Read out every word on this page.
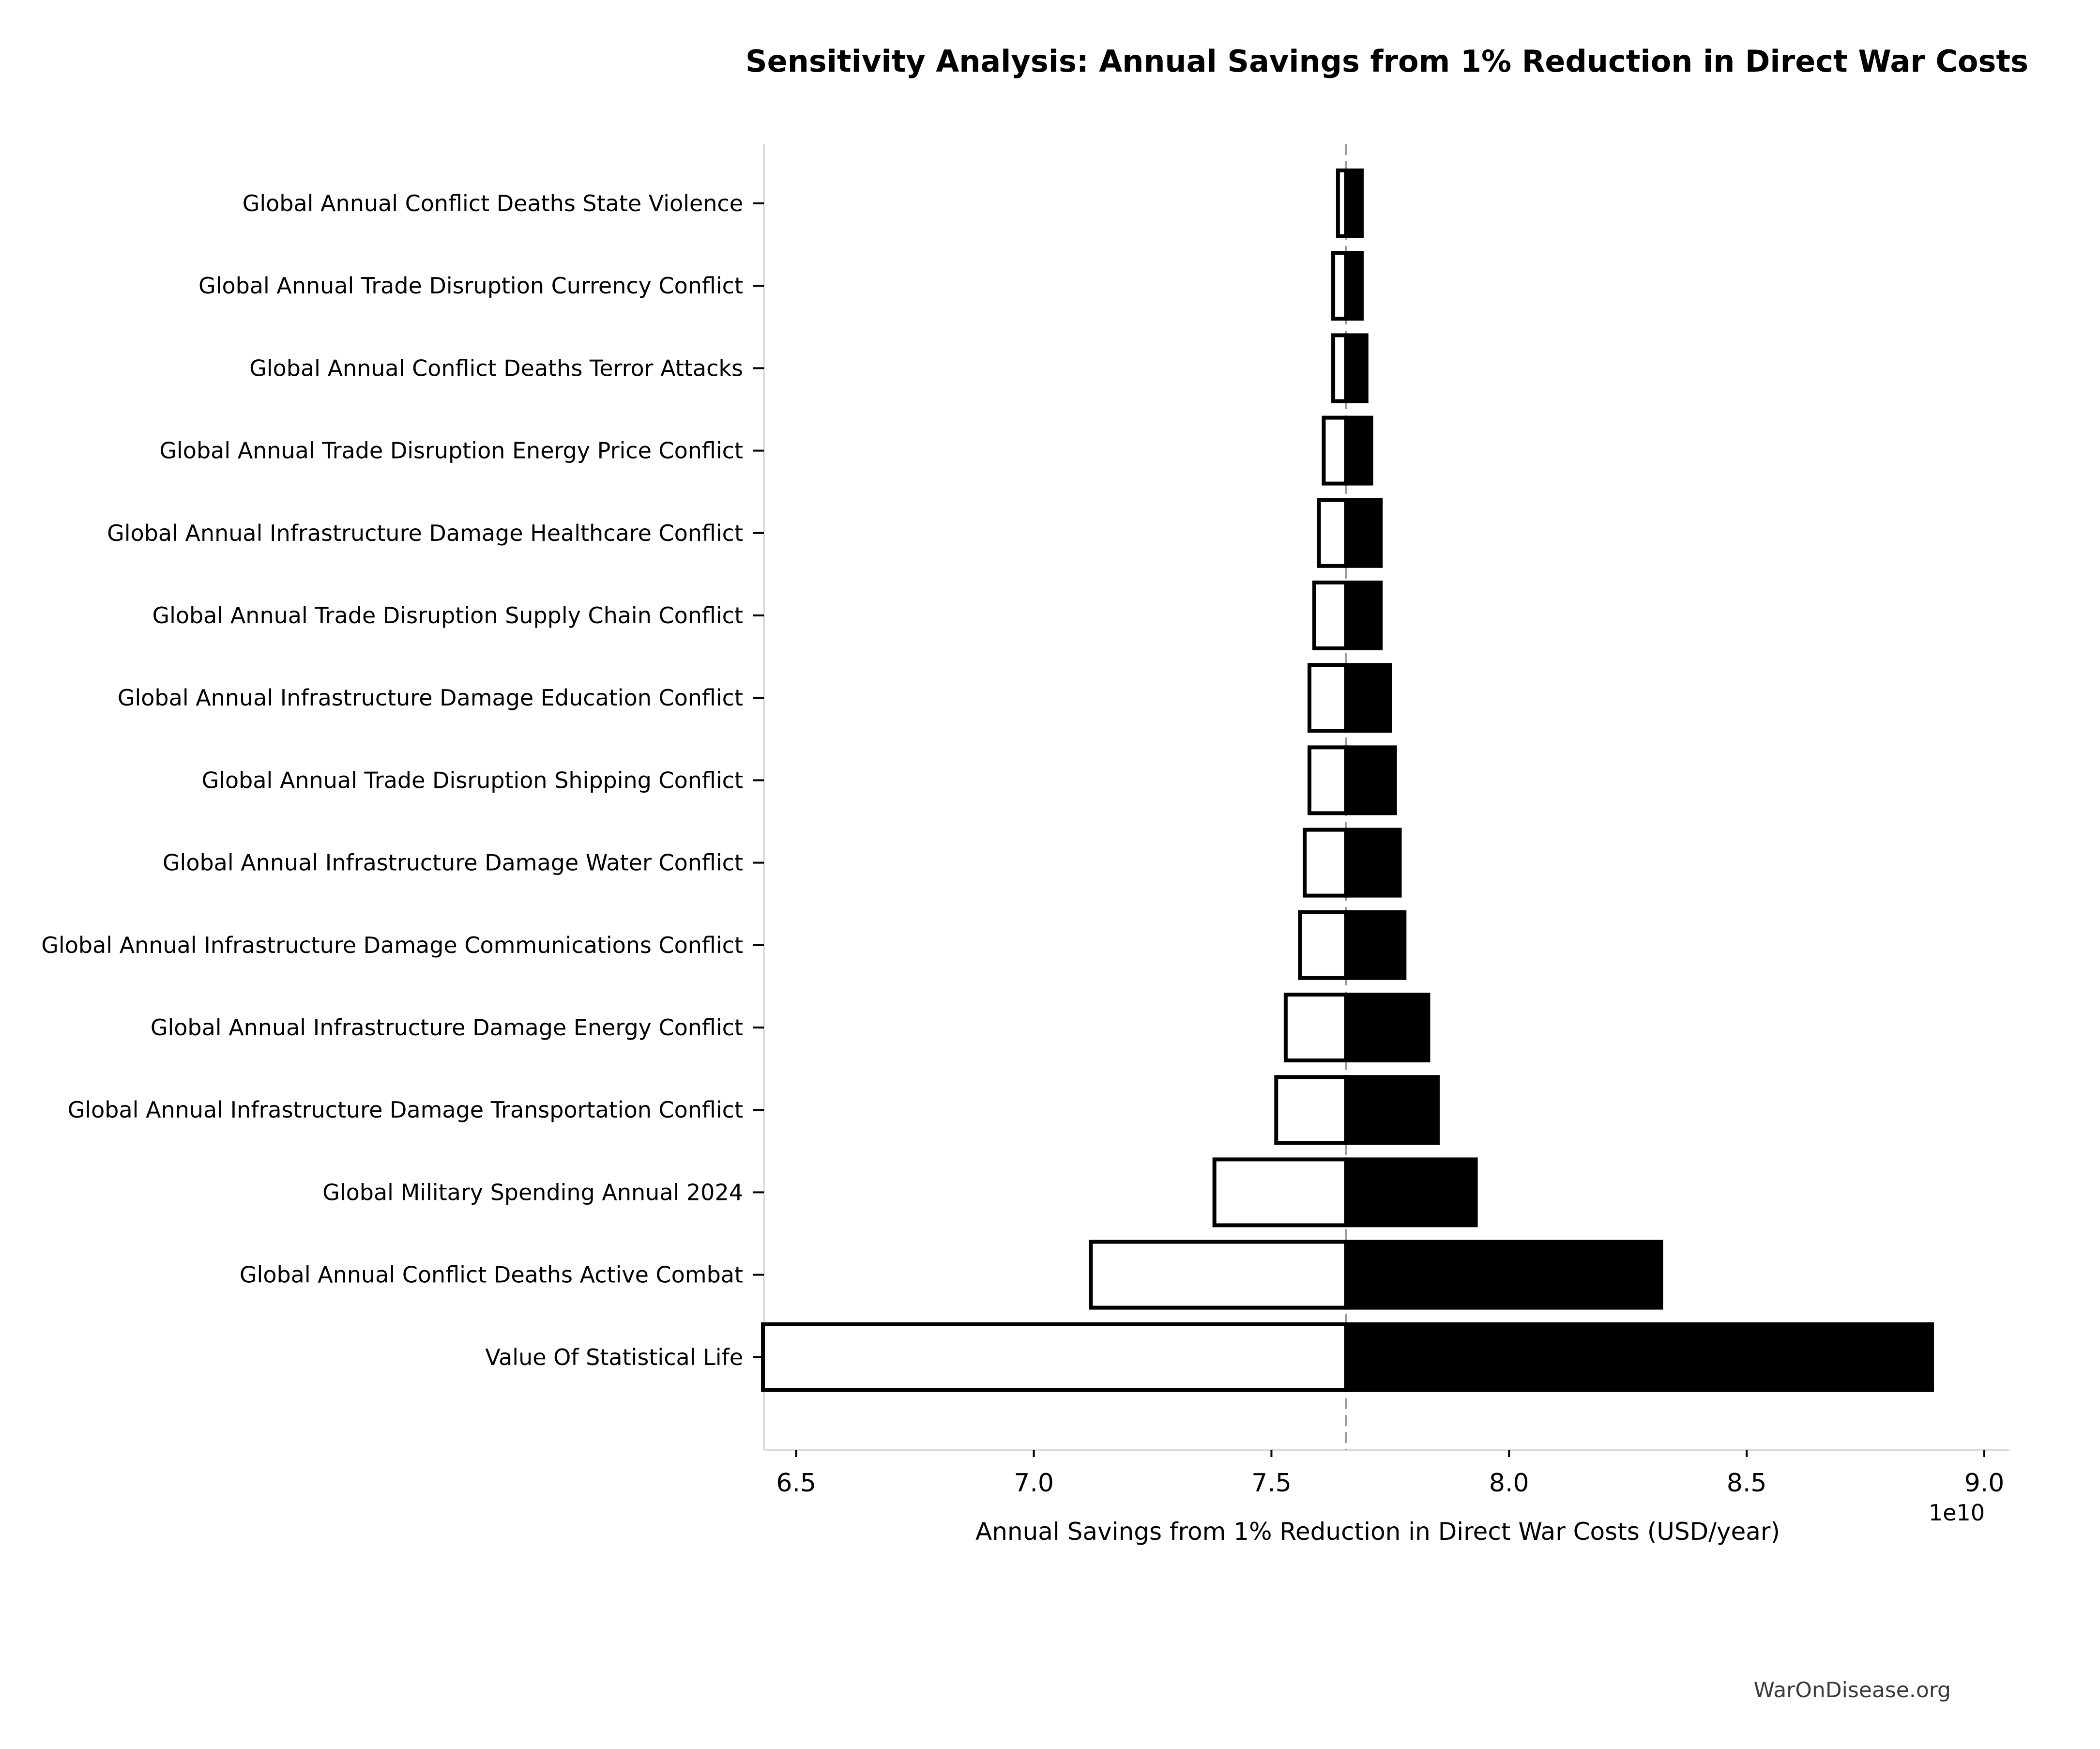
Sensitivity Analysis: Annual Savings from 1% Reduction in Direct War Costs
6.5	7.0	7.5	8.0	8.5	9.0
Global Annual Conflict Deaths State Violence
Global Annual Trade Disruption Currency Conflict
Global Annual Conflict Deaths Terror Attacks
Global Annual Trade Disruption Energy Price Conflict
Global Annual Infrastructure Damage Healthcare Conflict
Global Annual Trade Disruption Supply Chain Conflict
Global Annual Infrastructure Damage Education Conflict
Global Annual Trade Disruption Shipping Conflict
Global Annual Infrastructure Damage Water Conflict
Global Annual Infrastructure Damage Communications Conflict
Global Annual Infrastructure Damage Energy Conflict
Global Annual Infrastructure Damage Transportation Conflict
Global Military Spending Annual 2024
Global Annual Conflict Deaths Active Combat
Value Of Statistical Life
1e10
Annual Savings from 1% Reduction in Direct War Costs (USD/year)
WarOnDisease.org
